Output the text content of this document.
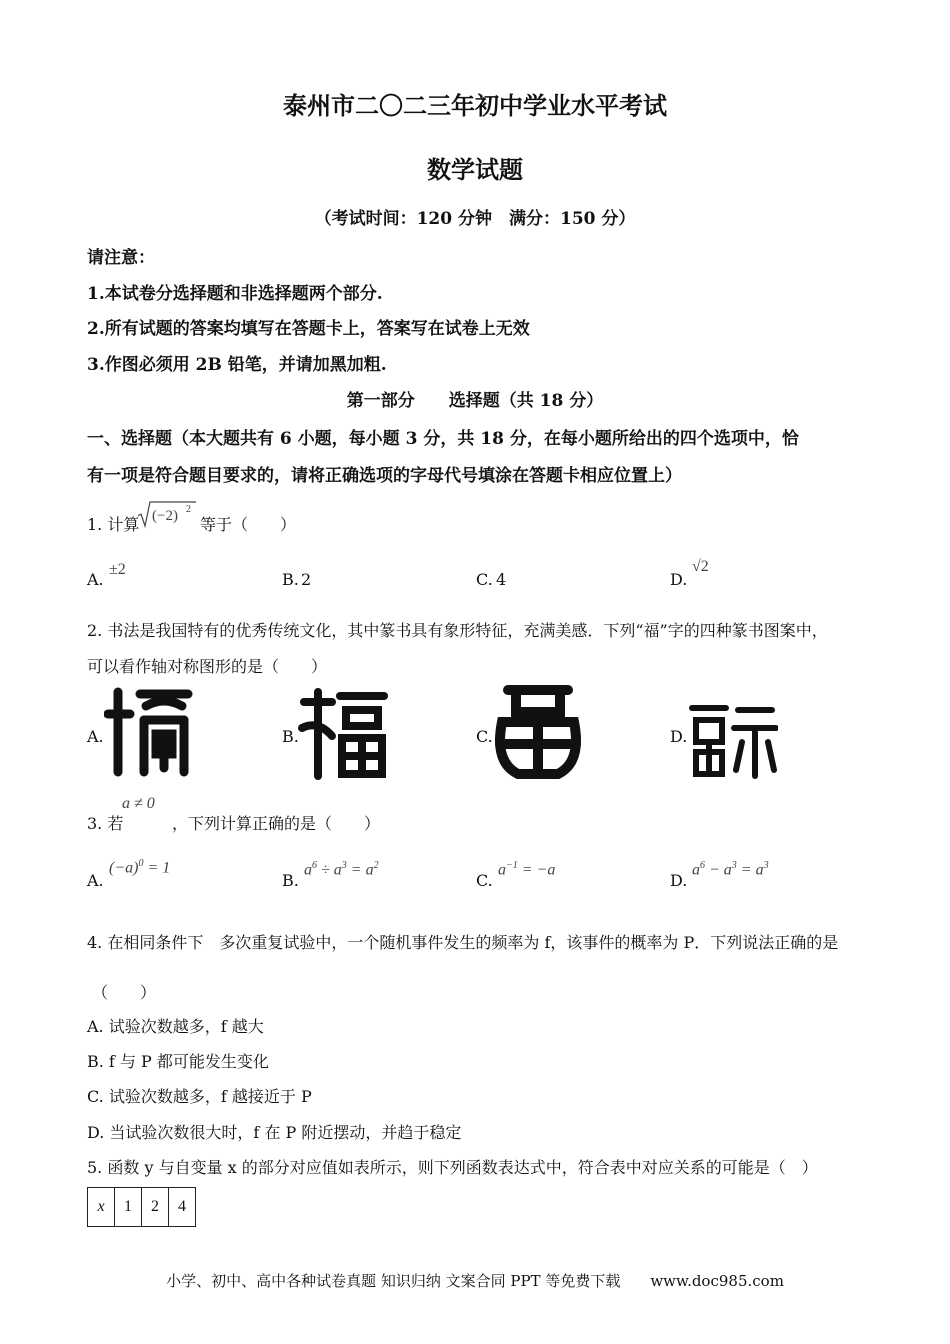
泰州市二〇二三年初中学业水平考试
数学试题
（考试时间：120 分钟　满分：150 分）
请注意：
1.本试卷分选择题和非选择题两个部分.
2.所有试题的答案均填写在答题卡上，答案写在试卷上无效
3.作图必须用 2B 铅笔，并请加黑加粗.
第一部分　　选择题（共 18 分）
一、选择题（本大题共有 6 小题，每小题 3 分，共 18 分，在每小题所给出的四个选项中，恰
有一项是符合题目要求的，请将正确选项的字母代号填涂在答题卡相应位置上）
1. 计算 (−2) 2
等于（　　）
A.
±2
B. 2	C. 4	D.
√2
2. 书法是我国特有的优秀传统文化，其中篆书具有象形特征，充满美感．下列“福”字的四种篆书图案中，
可以看作轴对称图形的是（　　）
A.	B.	C.	D.
3. 若
a ≠ 0
，下列计算正确的是（　　）
A.
$(-a)^0 = 1$
B.
$a^6 \div a^3 = a^2$
C.
$a^{-1} = -a$
D.
$a^6 - a^3 = a^3$
4. 在相同条件下　多次重复试验中，一个随机事件发生的频率为 f，该事件的概率为 P．下列说法正确的是
（　　）
A. 试验次数越多，f 越大
B. f 与 P 都可能发生变化
C. 试验次数越多，f 越接近于 P
D. 当试验次数很大时，f 在 P 附近摆动，并趋于稳定
5. 函数 y 与自变量 x 的部分对应值如表所示，则下列函数表达式中，符合表中对应关系的可能是（　）
x	1	2	4
小学、初中、高中各种试卷真题 知识归纳 文案合同 PPT 等免费下载　　www.doc985.com
